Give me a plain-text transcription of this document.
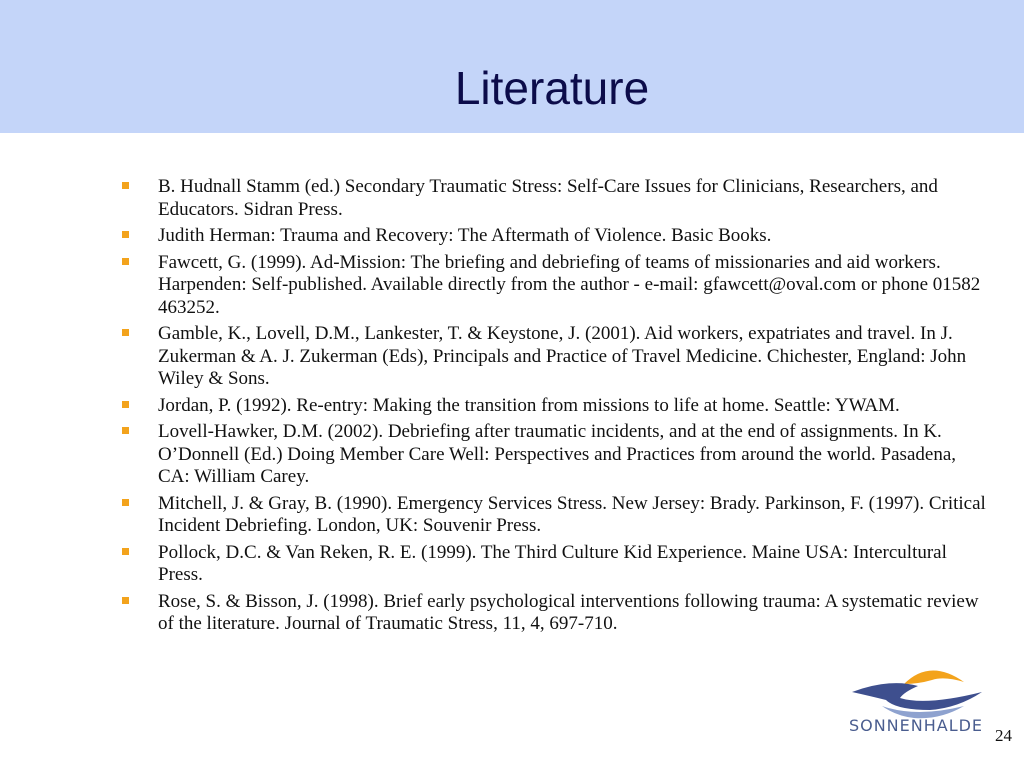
Literature
B. Hudnall Stamm (ed.) Secondary Traumatic Stress: Self-Care Issues for Clinicians, Researchers, and Educators. Sidran Press.
Judith Herman: Trauma and Recovery: The Aftermath of Violence. Basic Books.
Fawcett, G. (1999). Ad-Mission: The briefing and debriefing of teams of missionaries and aid workers. Harpenden: Self-published. Available directly from the author - e-mail: gfawcett@oval.com or phone 01582 463252.
Gamble, K., Lovell, D.M., Lankester, T. & Keystone, J. (2001). Aid workers, expatriates and travel. In J. Zukerman & A. J. Zukerman (Eds), Principals and Practice of Travel Medicine. Chichester, England: John Wiley & Sons.
Jordan, P. (1992). Re-entry: Making the transition from missions to life at home. Seattle: YWAM.
Lovell-Hawker, D.M. (2002). Debriefing after traumatic incidents, and at the end of assignments. In K. O’Donnell (Ed.) Doing Member Care Well: Perspectives and Practices from around the world. Pasadena, CA: William Carey.
Mitchell, J. & Gray, B. (1990). Emergency Services Stress. New Jersey: Brady. Parkinson, F. (1997). Critical Incident Debriefing. London, UK: Souvenir Press.
Pollock, D.C. & Van Reken, R. E. (1999). The Third Culture Kid Experience. Maine USA: Intercultural Press.
Rose, S. & Bisson, J. (1998). Brief early psychological interventions following trauma: A systematic review of the literature. Journal of Traumatic Stress, 11, 4, 697-710.
SONNENHALDE
24
